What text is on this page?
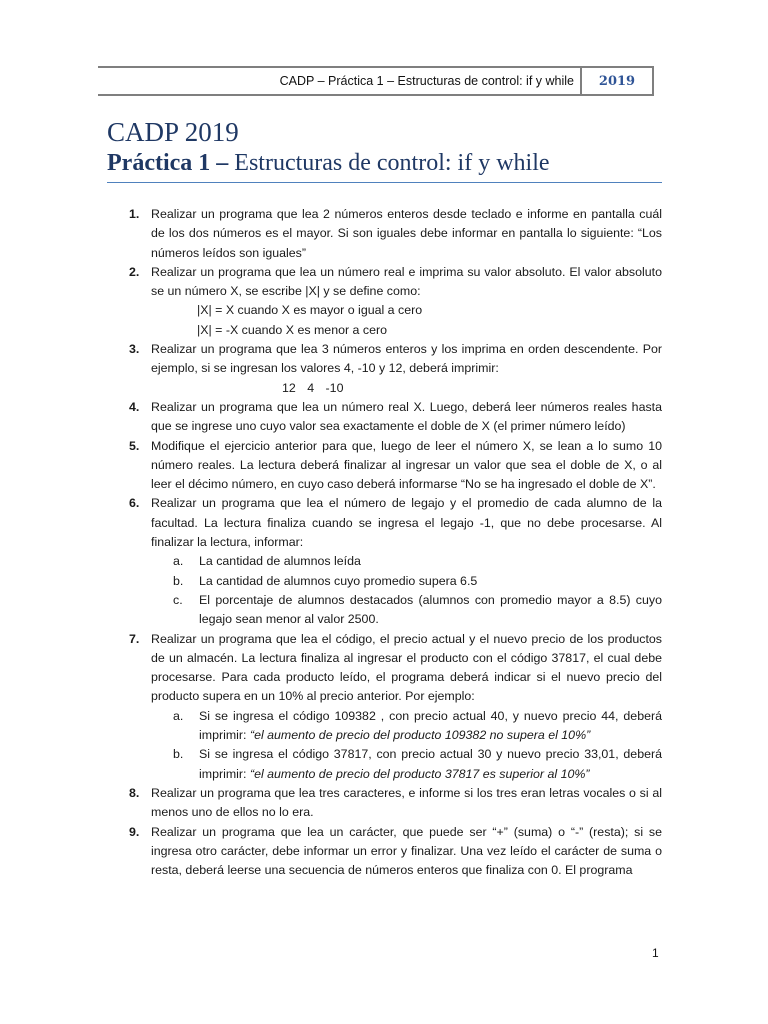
CADP – Práctica 1 – Estructuras de control: if y while	2019
CADP 2019
Práctica 1 – Estructuras de control: if y while
1. Realizar un programa que lea 2 números enteros desde teclado e informe en pantalla cuál de los dos números es el mayor. Si son iguales debe informar en pantalla lo siguiente: “Los números leídos son iguales”
2. Realizar un programa que lea un número real e imprima su valor absoluto. El valor absoluto se un número X, se escribe |X| y se define como:
|X| = X cuando X es mayor o igual a cero
|X| = -X cuando X es menor a cero
3. Realizar un programa que lea 3 números enteros y los imprima en orden descendente. Por ejemplo, si se ingresan los valores 4, -10 y 12, deberá imprimir:
12 4 -10
4. Realizar un programa que lea un número real X. Luego, deberá leer números reales hasta que se ingrese uno cuyo valor sea exactamente el doble de X (el primer número leído)
5. Modifique el ejercicio anterior para que, luego de leer el número X, se lean a lo sumo 10 número reales. La lectura deberá finalizar al ingresar un valor que sea el doble de X, o al leer el décimo número, en cuyo caso deberá informarse “No se ha ingresado el doble de X”.
6. Realizar un programa que lea el número de legajo y el promedio de cada alumno de la facultad. La lectura finaliza cuando se ingresa el legajo -1, que no debe procesarse. Al finalizar la lectura, informar:
a.	La cantidad de alumnos leída
b.	La cantidad de alumnos cuyo promedio supera 6.5
c.	El porcentaje de alumnos destacados (alumnos con promedio mayor a 8.5) cuyo legajo sean menor al valor 2500.
7. Realizar un programa que lea el código, el precio actual y el nuevo precio de los productos de un almacén. La lectura finaliza al ingresar el producto con el código 37817, el cual debe procesarse. Para cada producto leído, el programa deberá indicar si el nuevo precio del producto supera en un 10% al precio anterior. Por ejemplo:
a.	Si se ingresa el código 109382 , con precio actual 40, y nuevo precio 44, deberá imprimir: “el aumento de precio del producto 109382 no supera el 10%”
b.	Si se ingresa el código 37817, con precio actual 30 y nuevo precio 33,01, deberá imprimir: “el aumento de precio del producto 37817 es superior al 10%”
8. Realizar un programa que lea tres caracteres, e informe si los tres eran letras vocales o si al menos uno de ellos no lo era.
9. Realizar un programa que lea un carácter, que puede ser “+” (suma) o “-” (resta); si se ingresa otro carácter, debe informar un error y finalizar. Una vez leído el carácter de suma o resta, deberá leerse una secuencia de números enteros que finaliza con 0. El programa
1
